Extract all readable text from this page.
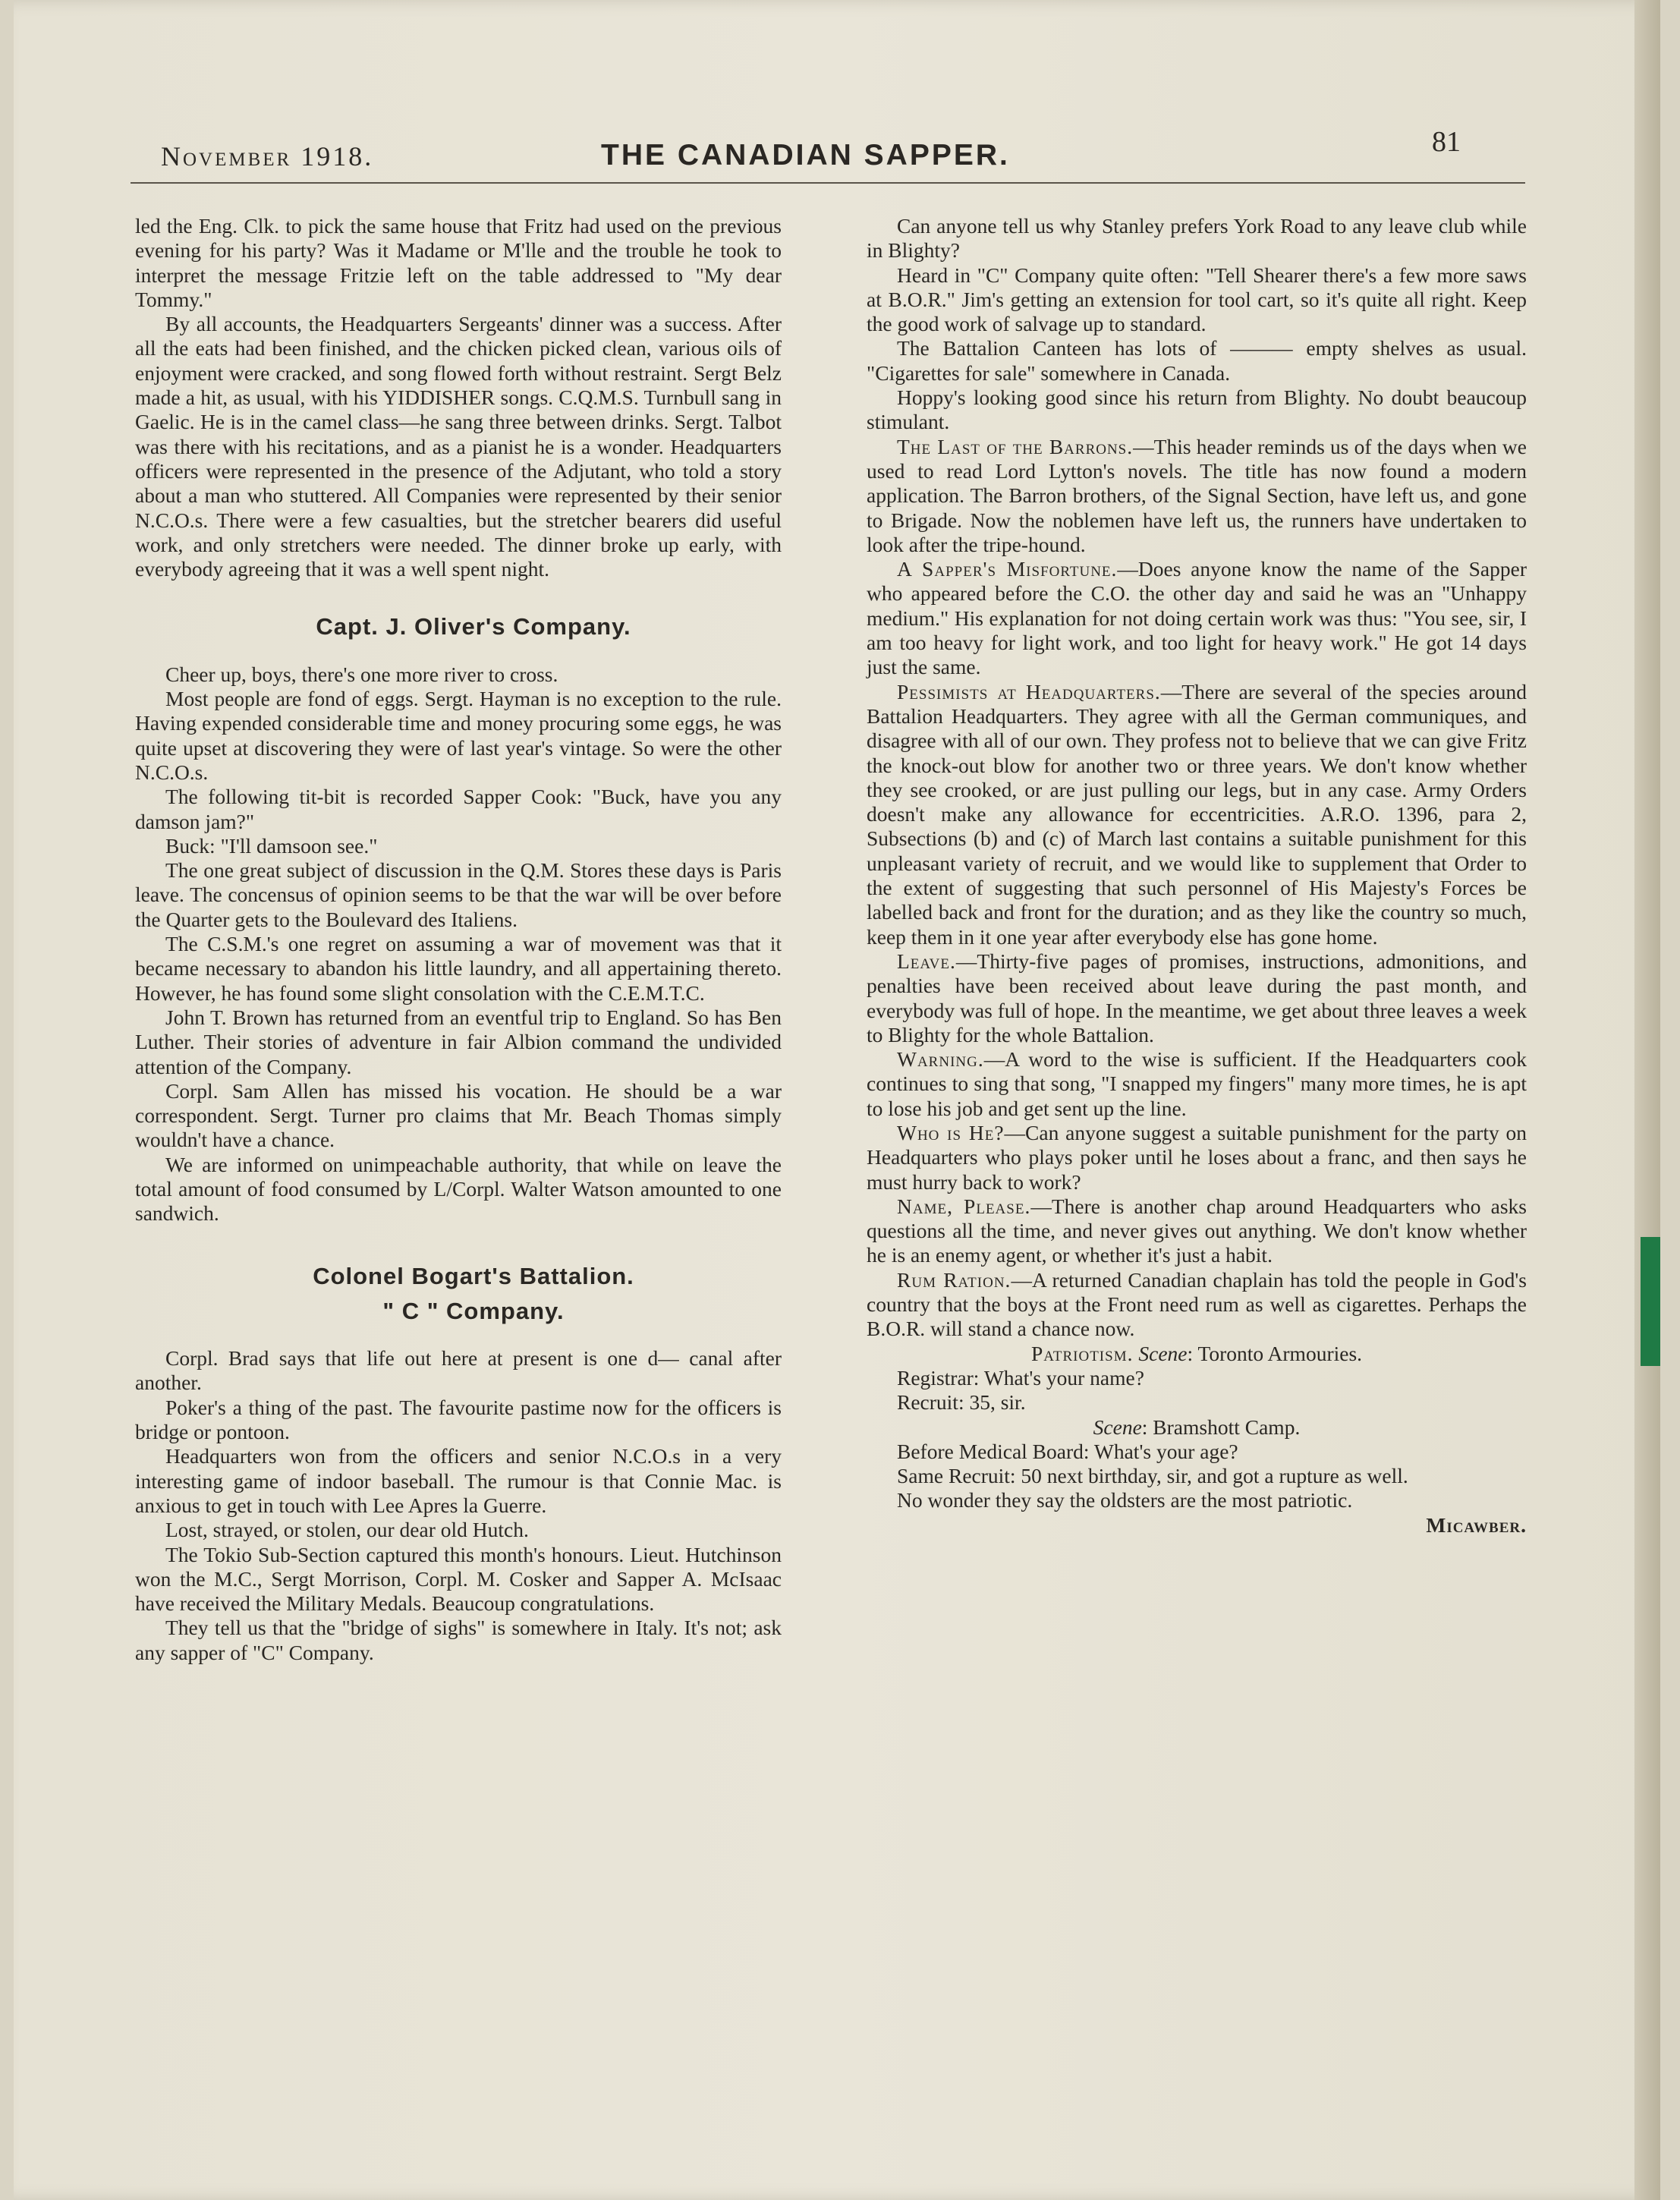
November 1918.	THE CANADIAN SAPPER.	81

led the Eng. Clk. to pick the same house that Fritz had used on the previous evening for his party? Was it Madame or M'lle and the trouble he took to interpret the message Fritzie left on the table addressed to "My dear Tommy."

By all accounts, the Headquarters Sergeants' dinner was a success. After all the eats had been finished, and the chicken picked clean, various oils of enjoyment were cracked, and song flowed forth without restraint. Sergt Belz made a hit, as usual, with his YIDDISHER songs. C.Q.M.S. Turnbull sang in Gaelic. He is in the camel class—he sang three between drinks. Sergt. Talbot was there with his recitations, and as a pianist he is a wonder. Headquarters officers were represented in the presence of the Adjutant, who told a story about a man who stuttered. All Companies were represented by their senior N.C.O.s. There were a few casualties, but the stretcher bearers did useful work, and only stretchers were needed. The dinner broke up early, with everybody agreeing that it was a well spent night.

Capt. J. Oliver's Company.

Cheer up, boys, there's one more river to cross.

Most people are fond of eggs. Sergt. Hayman is no exception to the rule. Having expended considerable time and money procuring some eggs, he was quite upset at discovering they were of last year's vintage. So were the other N.C.O.s.

The following tit-bit is recorded Sapper Cook: "Buck, have you any damson jam?"

Buck: "I'll damsoon see."

The one great subject of discussion in the Q.M. Stores these days is Paris leave. The concensus of opinion seems to be that the war will be over before the Quarter gets to the Boulevard des Italiens.

The C.S.M.'s one regret on assuming a war of movement was that it became necessary to abandon his little laundry, and all appertaining thereto. However, he has found some slight consolation with the C.E.M.T.C.

John T. Brown has returned from an eventful trip to England. So has Ben Luther. Their stories of adventure in fair Albion command the undivided attention of the Company.

Corpl. Sam Allen has missed his vocation. He should be a war correspondent. Sergt. Turner pro claims that Mr. Beach Thomas simply wouldn't have a chance.

We are informed on unimpeachable authority, that while on leave the total amount of food consumed by L/Corpl. Walter Watson amounted to one sandwich.

Colonel Bogart's Battalion.

" C " Company.

Corpl. Brad says that life out here at present is one d— canal after another.

Poker's a thing of the past. The favourite pastime now for the officers is bridge or pontoon.

Headquarters won from the officers and senior N.C.O.s in a very interesting game of indoor baseball. The rumour is that Connie Mac. is anxious to get in touch with Lee Apres la Guerre.

Lost, strayed, or stolen, our dear old Hutch.

The Tokio Sub-Section captured this month's honours. Lieut. Hutchinson won the M.C., Sergt Morrison, Corpl. M. Cosker and Sapper A. McIsaac have received the Military Medals. Beaucoup congratulations.

They tell us that the "bridge of sighs" is somewhere in Italy. It's not; ask any sapper of "C" Company.

Can anyone tell us why Stanley prefers York Road to any leave club while in Blighty?

Heard in "C" Company quite often: "Tell Shearer there's a few more saws at B.O.R." Jim's getting an extension for tool cart, so it's quite all right. Keep the good work of salvage up to standard.

The Battalion Canteen has lots of ——— empty shelves as usual. "Cigarettes for sale" somewhere in Canada.

Hoppy's looking good since his return from Blighty. No doubt beaucoup stimulant.

The Last of the Barrons.—This header reminds us of the days when we used to read Lord Lytton's novels. The title has now found a modern application. The Barron brothers, of the Signal Section, have left us, and gone to Brigade. Now the noblemen have left us, the runners have undertaken to look after the tripe-hound.

A Sapper's Misfortune.—Does anyone know the name of the Sapper who appeared before the C.O. the other day and said he was an "Unhappy medium." His explanation for not doing certain work was thus: "You see, sir, I am too heavy for light work, and too light for heavy work." He got 14 days just the same.

Pessimists at Headquarters.—There are several of the species around Battalion Headquarters. They agree with all the German communiques, and disagree with all of our own. They profess not to believe that we can give Fritz the knock-out blow for another two or three years. We don't know whether they see crooked, or are just pulling our legs, but in any case. Army Orders doesn't make any allowance for eccentricities. A.R.O. 1396, para 2, Subsections (b) and (c) of March last contains a suitable punishment for this unpleasant variety of recruit, and we would like to supplement that Order to the extent of suggesting that such personnel of His Majesty's Forces be labelled back and front for the duration; and as they like the country so much, keep them in it one year after everybody else has gone home.

Leave.—Thirty-five pages of promises, instructions, admonitions, and penalties have been received about leave during the past month, and everybody was full of hope. In the meantime, we get about three leaves a week to Blighty for the whole Battalion.

Warning.—A word to the wise is sufficient. If the Headquarters cook continues to sing that song, "I snapped my fingers" many more times, he is apt to lose his job and get sent up the line.

Who is He?—Can anyone suggest a suitable punishment for the party on Headquarters who plays poker until he loses about a franc, and then says he must hurry back to work?

Name, Please.—There is another chap around Headquarters who asks questions all the time, and never gives out anything. We don't know whether he is an enemy agent, or whether it's just a habit.

Rum Ration.—A returned Canadian chaplain has told the people in God's country that the boys at the Front need rum as well as cigarettes. Perhaps the B.O.R. will stand a chance now.

Patriotism. Scene: Toronto Armouries.

Registrar: What's your name?

Recruit: 35, sir.

Scene: Bramshott Camp.

Before Medical Board: What's your age?

Same Recruit: 50 next birthday, sir, and got a rupture as well.

No wonder they say the oldsters are the most patriotic.

Micawber.
